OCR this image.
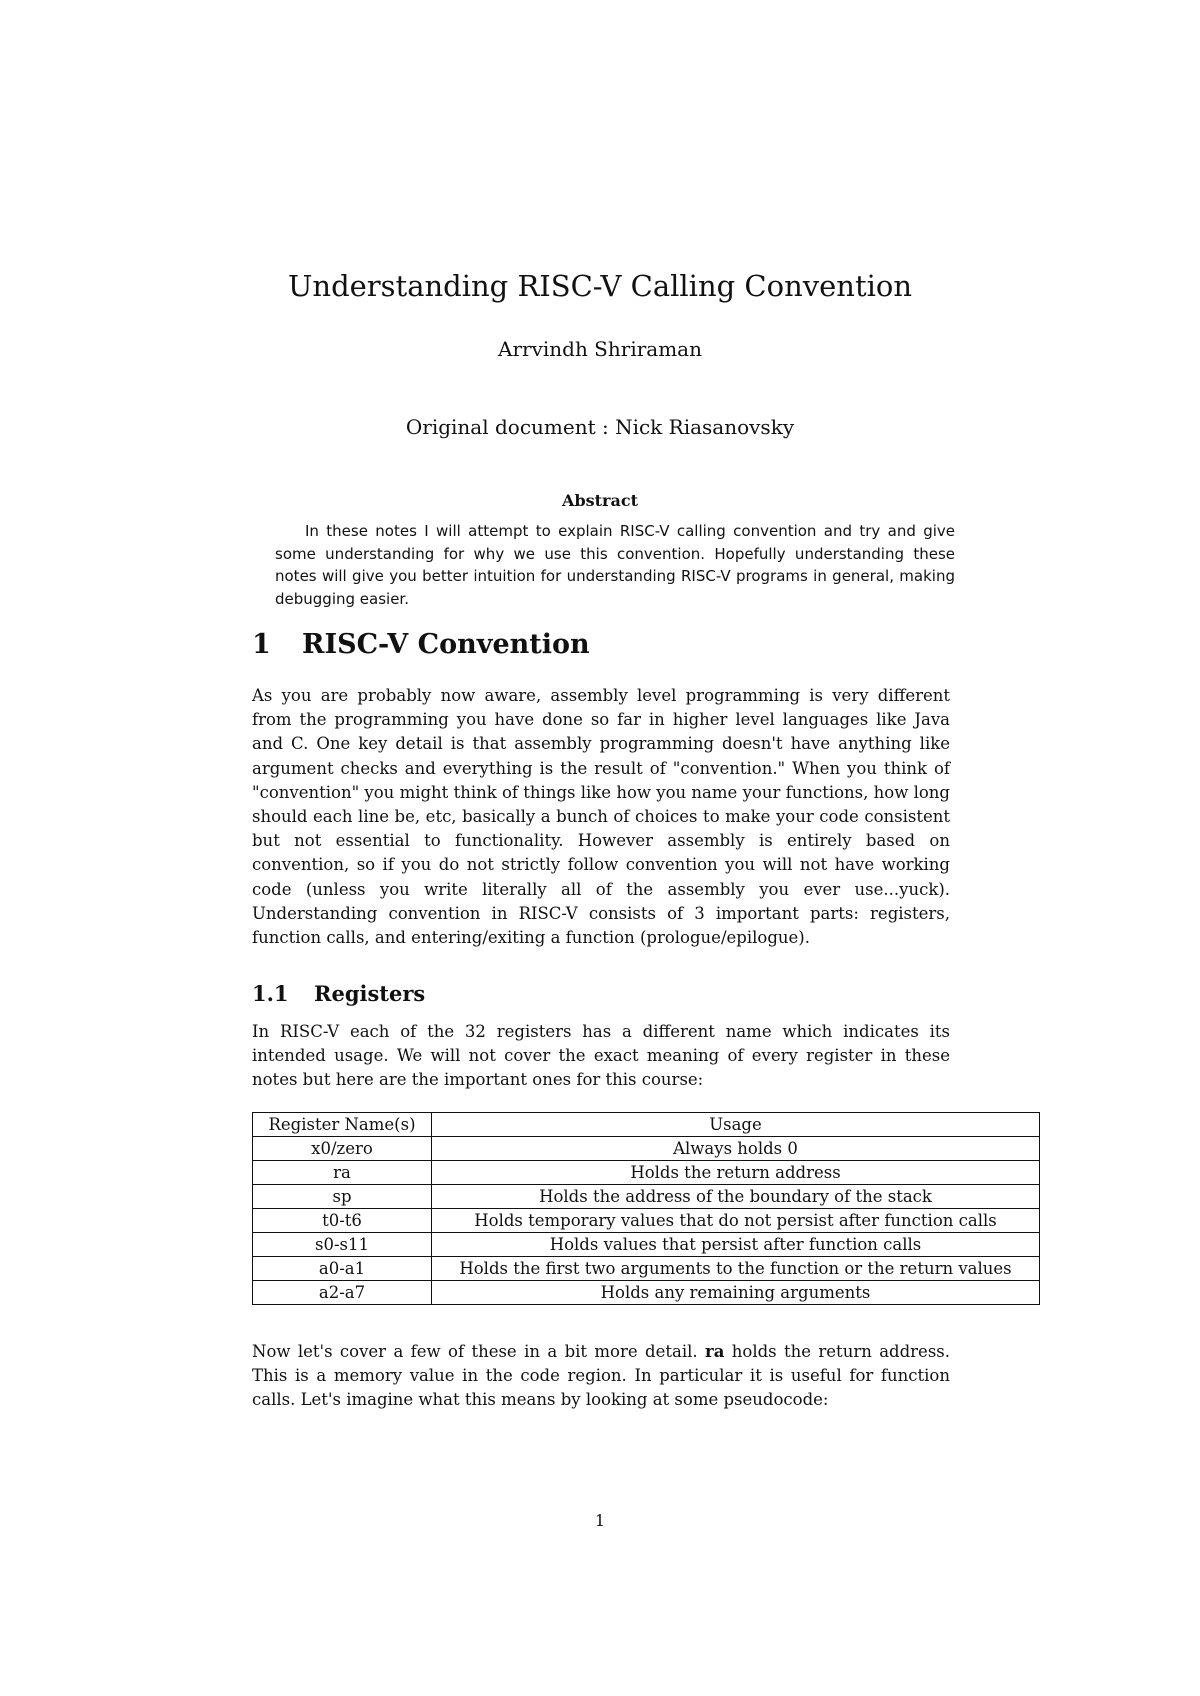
Understanding RISC-V Calling Convention
Arrvindh Shriraman
Original document : Nick Riasanovsky
Abstract

In these notes I will attempt to explain RISC-V calling convention and try and give some understanding for why we use this convention. Hopefully understanding these notes will give you better intuition for understanding RISC-V programs in general, making debugging easier.

1 RISC-V Convention

As you are probably now aware, assembly level programming is very different from the programming you have done so far in higher level languages like Java and C. One key detail is that assembly programming doesn't have anything like argument checks and everything is the result of "convention." When you think of "convention" you might think of things like how you name your functions, how long should each line be, etc, basically a bunch of choices to make your code consistent but not essential to functionality. However assembly is entirely based on convention, so if you do not strictly follow convention you will not have working code (unless you write literally all of the assembly you ever use...yuck). Understanding convention in RISC-V consists of 3 important parts: registers, function calls, and entering/exiting a function (prologue/epilogue).

1.1 Registers

In RISC-V each of the 32 registers has a different name which indicates its intended usage. We will not cover the exact meaning of every register in these notes but here are the important ones for this course:

Register Name(s)	Usage
x0/zero	Always holds 0
ra	Holds the return address
sp	Holds the address of the boundary of the stack
t0-t6	Holds temporary values that do not persist after function calls
s0-s11	Holds values that persist after function calls
a0-a1	Holds the first two arguments to the function or the return values
a2-a7	Holds any remaining arguments

Now let's cover a few of these in a bit more detail. ra holds the return address. This is a memory value in the code region. In particular it is useful for function calls. Let's imagine what this means by looking at some pseudocode:

1
